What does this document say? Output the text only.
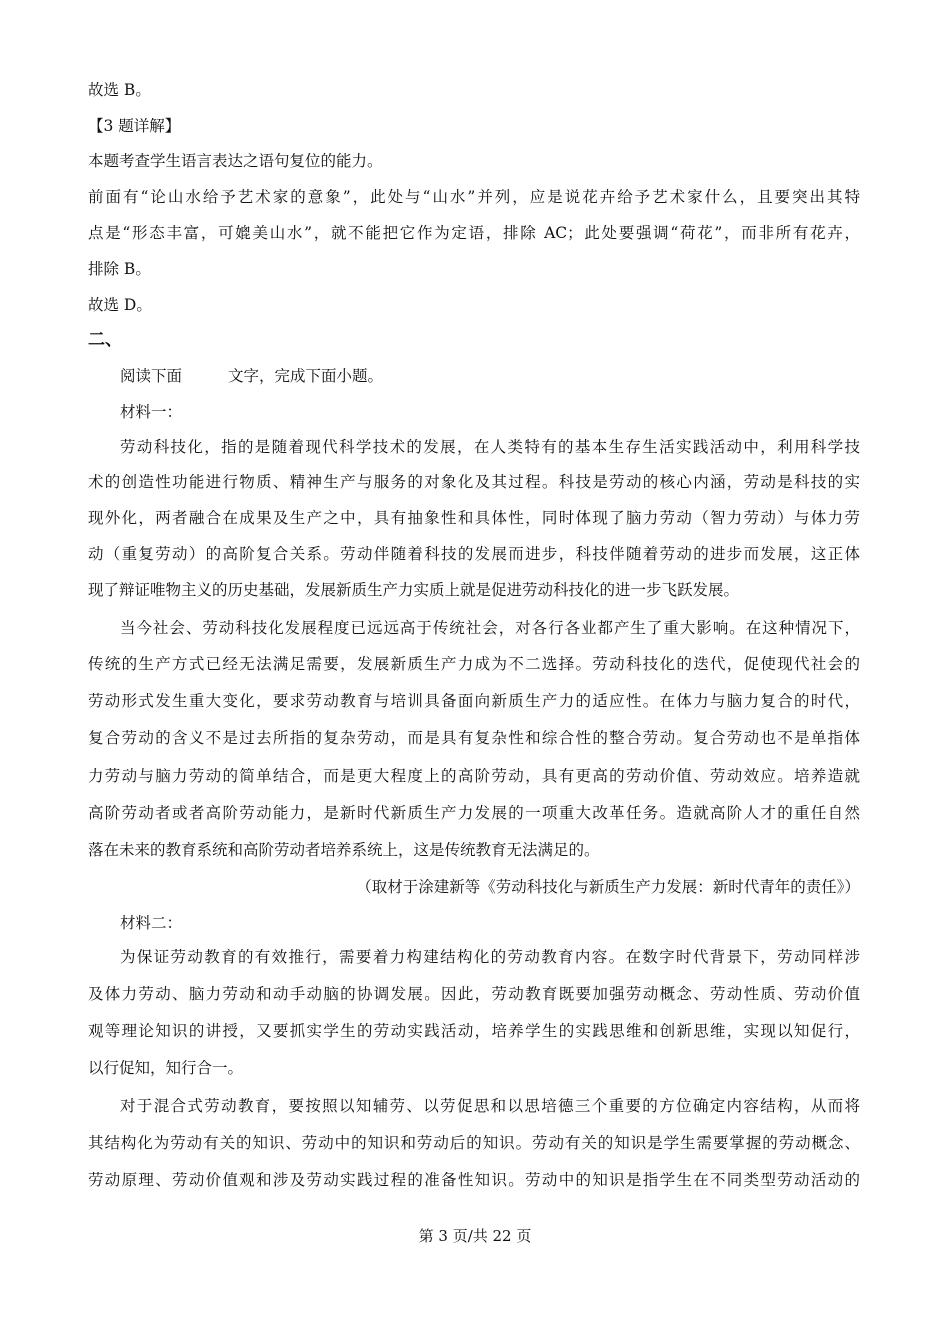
故选 B。
【3 题详解】
本题考查学生语言表达之语句复位的能力。
前面有“论山水给予艺术家的意象”，此处与“山水”并列，应是说花卉给予艺术家什么，且要突出其特
点是“形态丰富，可媲美山水”，就不能把它作为定语，排除 AC；此处要强调“荷花”，而非所有花卉，
排除 B。
故选 D。
二、
阅读下面	文字，完成下面小题。
材料一：
劳动科技化，指的是随着现代科学技术的发展，在人类特有的基本生存生活实践活动中，利用科学技
术的创造性功能进行物质、精神生产与服务的对象化及其过程。科技是劳动的核心内涵，劳动是科技的实
现外化，两者融合在成果及生产之中，具有抽象性和具体性，同时体现了脑力劳动（智力劳动）与体力劳
动（重复劳动）的高阶复合关系。劳动伴随着科技的发展而进步，科技伴随着劳动的进步而发展，这正体
现了辩证唯物主义的历史基础，发展新质生产力实质上就是促进劳动科技化的进一步飞跃发展。
当今社会、劳动科技化发展程度已远远高于传统社会，对各行各业都产生了重大影响。在这种情况下，
传统的生产方式已经无法满足需要，发展新质生产力成为不二选择。劳动科技化的迭代，促使现代社会的
劳动形式发生重大变化，要求劳动教育与培训具备面向新质生产力的适应性。在体力与脑力复合的时代，
复合劳动的含义不是过去所指的复杂劳动，而是具有复杂性和综合性的整合劳动。复合劳动也不是单指体
力劳动与脑力劳动的简单结合，而是更大程度上的高阶劳动，具有更高的劳动价值、劳动效应。培养造就
高阶劳动者或者高阶劳动能力，是新时代新质生产力发展的一项重大改革任务。造就高阶人才的重任自然
落在未来的教育系统和高阶劳动者培养系统上，这是传统教育无法满足的。
（取材于涂建新等《劳动科技化与新质生产力发展：新时代青年的责任》）
材料二：
为保证劳动教育的有效推行，需要着力构建结构化的劳动教育内容。在数字时代背景下，劳动同样涉
及体力劳动、脑力劳动和动手动脑的协调发展。因此，劳动教育既要加强劳动概念、劳动性质、劳动价值
观等理论知识的讲授，又要抓实学生的劳动实践活动，培养学生的实践思维和创新思维，实现以知促行，
以行促知，知行合一。
对于混合式劳动教育，要按照以知辅劳、以劳促思和以思培德三个重要的方位确定内容结构，从而将
其结构化为劳动有关的知识、劳动中的知识和劳动后的知识。劳动有关的知识是学生需要掌握的劳动概念、
劳动原理、劳动价值观和涉及劳动实践过程的准备性知识。劳动中的知识是指学生在不同类型劳动活动的
第 3 页/共 22 页
